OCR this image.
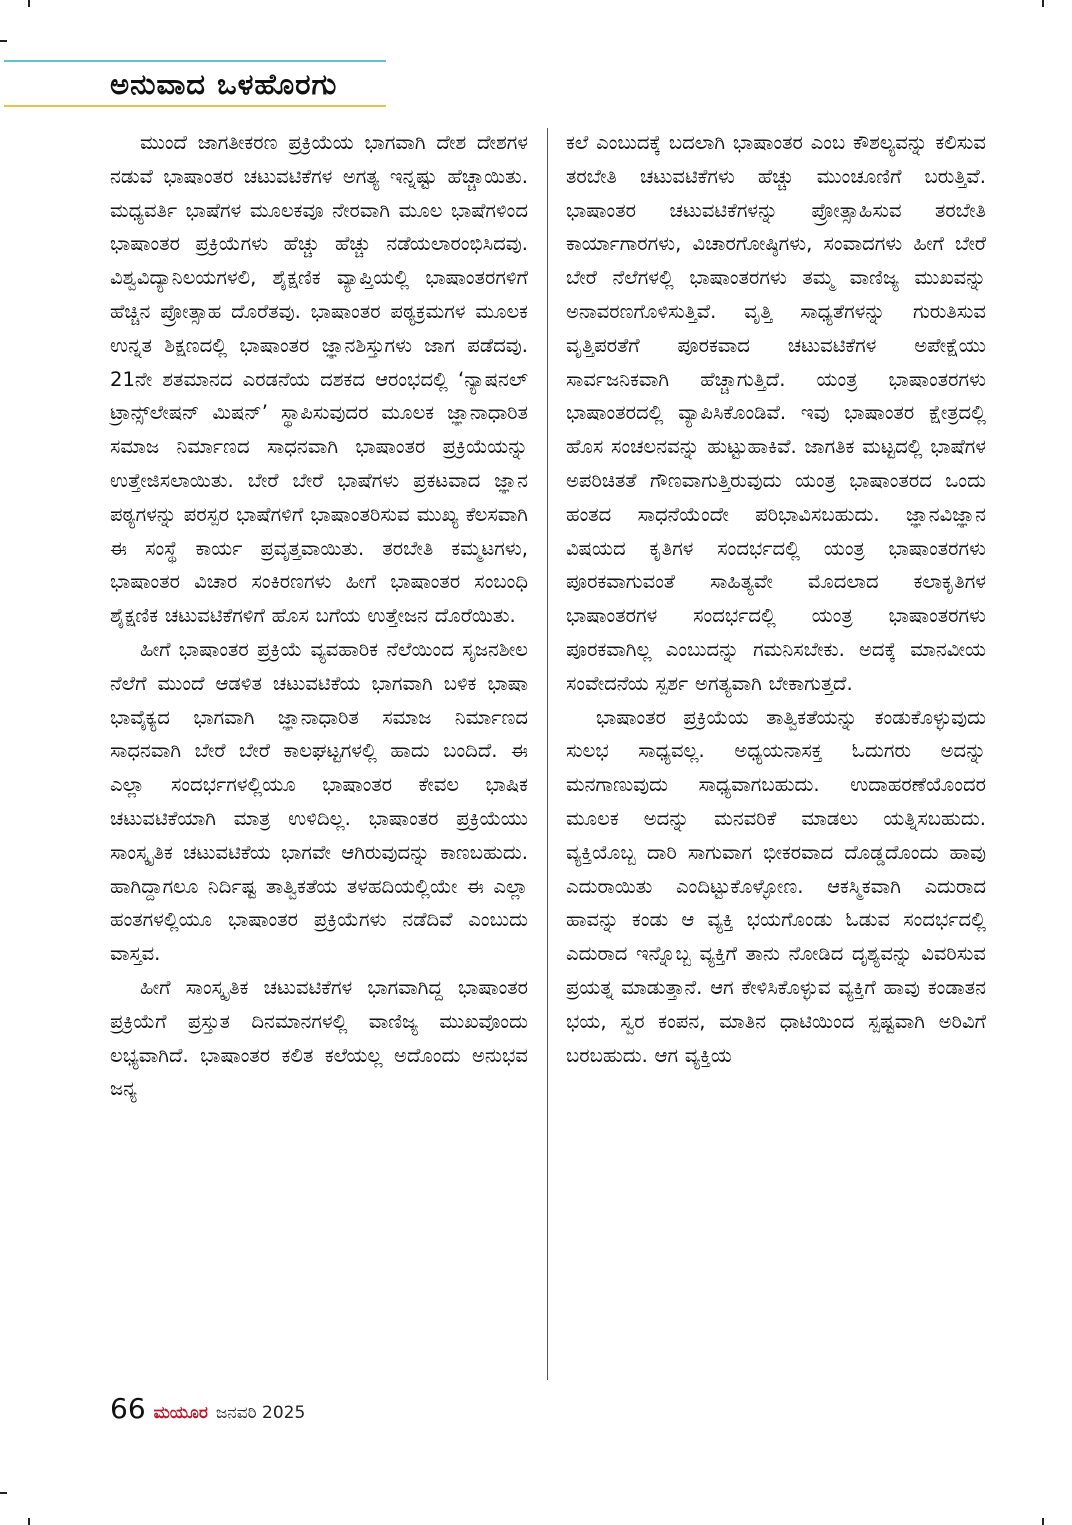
ಅನುವಾದ ಒಳಹೊರಗು

ಮುಂದೆ ಜಾಗತೀಕರಣ ಪ್ರಕ್ರಿಯೆಯ ಭಾಗವಾಗಿ ದೇಶ ದೇಶಗಳ ನಡುವೆ ಭಾಷಾಂತರ ಚಟುವಟಿಕೆಗಳ ಅಗತ್ಯ ಇನ್ನಷ್ಟು ಹೆಚ್ಚಾಯಿತು. ಮಧ್ಯವರ್ತಿ ಭಾಷೆಗಳ ಮೂಲಕವೂ ನೇರವಾಗಿ ಮೂಲ ಭಾಷೆಗಳಿಂದ ಭಾಷಾಂತರ ಪ್ರಕ್ರಿಯೆಗಳು ಹೆಚ್ಚು ಹೆಚ್ಚು ನಡೆಯಲಾರಂಭಿಸಿದವು. ವಿಶ್ವವಿದ್ಯಾನಿಲಯಗಳಲಿ, ಶೈಕ್ಷಣಿಕ ವ್ಯಾಪ್ತಿಯಲ್ಲಿ ಭಾಷಾಂತರಗಳಿಗೆ ಹೆಚ್ಚಿನ ಪ್ರೋತ್ಸಾಹ ದೊರೆತವು. ಭಾಷಾಂತರ ಪಠ್ಯಕ್ರಮಗಳ ಮೂಲಕ ಉನ್ನತ ಶಿಕ್ಷಣದಲ್ಲಿ ಭಾಷಾಂತರ ಜ್ಞಾನಶಿಸ್ತುಗಳು ಜಾಗ ಪಡೆದವು. 21ನೇ ಶತಮಾನದ ಎರಡನೆಯ ದಶಕದ ಆರಂಭದಲ್ಲಿ ‘ನ್ಯಾಷನಲ್ ಟ್ರಾನ್ಸ್‌ಲೇಷನ್ ಮಿಷನ್’ ಸ್ಥಾಪಿಸುವುದರ ಮೂಲಕ ಜ್ಞಾನಾಧಾರಿತ ಸಮಾಜ ನಿರ್ಮಾಣದ ಸಾಧನವಾಗಿ ಭಾಷಾಂತರ ಪ್ರಕ್ರಿಯೆಯನ್ನು ಉತ್ತೇಜಿಸಲಾಯಿತು. ಬೇರೆ ಬೇರೆ ಭಾಷೆಗಳು ಪ್ರಕಟವಾದ ಜ್ಞಾನ ಪಠ್ಯಗಳನ್ನು ಪರಸ್ಪರ ಭಾಷೆಗಳಿಗೆ ಭಾಷಾಂತರಿಸುವ ಮುಖ್ಯ ಕೆಲಸವಾಗಿ ಈ ಸಂಸ್ಥೆ ಕಾರ್ಯ ಪ್ರವೃತ್ತವಾಯಿತು. ತರಬೇತಿ ಕಮ್ಮಟಗಳು, ಭಾಷಾಂತರ ವಿಚಾರ ಸಂಕಿರಣಗಳು ಹೀಗೆ ಭಾಷಾಂತರ ಸಂಬಂಧಿ ಶೈಕ್ಷಣಿಕ ಚಟುವಟಿಕೆಗಳಿಗೆ ಹೊಸ ಬಗೆಯ ಉತ್ತೇಜನ ದೊರೆಯಿತು.

ಹೀಗೆ ಭಾಷಾಂತರ ಪ್ರಕ್ರಿಯೆ ವ್ಯವಹಾರಿಕ ನೆಲೆಯಿಂದ ಸೃಜನಶೀಲ ನೆಲೆಗೆ ಮುಂದೆ ಆಡಳಿತ ಚಟುವಟಿಕೆಯ ಭಾಗವಾಗಿ ಬಳಿಕ ಭಾಷಾ ಭಾವೈಕ್ಯದ ಭಾಗವಾಗಿ ಜ್ಞಾನಾಧಾರಿತ ಸಮಾಜ ನಿರ್ಮಾಣದ ಸಾಧನವಾಗಿ ಬೇರೆ ಬೇರೆ ಕಾಲಘಟ್ಟಗಳಲ್ಲಿ ಹಾದು ಬಂದಿದೆ. ಈ ಎಲ್ಲಾ ಸಂದರ್ಭಗಳಲ್ಲಿಯೂ ಭಾಷಾಂತರ ಕೇವಲ ಭಾಷಿಕ ಚಟುವಟಿಕೆಯಾಗಿ ಮಾತ್ರ ಉಳಿದಿಲ್ಲ. ಭಾಷಾಂತರ ಪ್ರಕ್ರಿಯೆಯು ಸಾಂಸ್ಕೃತಿಕ ಚಟುವಟಿಕೆಯ ಭಾಗವೇ ಆಗಿರುವುದನ್ನು ಕಾಣಬಹುದು. ಹಾಗಿದ್ದಾಗಲೂ ನಿರ್ದಿಷ್ಟ ತಾತ್ವಿಕತೆಯ ತಳಹದಿಯಲ್ಲಿಯೇ ಈ ಎಲ್ಲಾ ಹಂತಗಳಲ್ಲಿಯೂ ಭಾಷಾಂತರ ಪ್ರಕ್ರಿಯೆಗಳು ನಡೆದಿವೆ ಎಂಬುದು ವಾಸ್ತವ.

ಹೀಗೆ ಸಾಂಸ್ಕೃತಿಕ ಚಟುವಟಿಕೆಗಳ ಭಾಗವಾಗಿದ್ದ ಭಾಷಾಂತರ ಪ್ರಕ್ರಿಯೆಗೆ ಪ್ರಸ್ತುತ ದಿನಮಾನಗಳಲ್ಲಿ ವಾಣಿಜ್ಯ ಮುಖವೊಂದು ಲಭ್ಯವಾಗಿದೆ. ಭಾಷಾಂತರ ಕಲಿತ ಕಲೆಯಲ್ಲ ಅದೊಂದು ಅನುಭವ ಜನ್ಯ

ಕಲೆ ಎಂಬುದಕ್ಕೆ ಬದಲಾಗಿ ಭಾಷಾಂತರ ಎಂಬ ಕೌಶಲ್ಯವನ್ನು ಕಲಿಸುವ ತರಬೇತಿ ಚಟುವಟಿಕೆಗಳು ಹೆಚ್ಚು ಮುಂಚೂಣಿಗೆ ಬರುತ್ತಿವೆ. ಭಾಷಾಂತರ ಚಟುವಟಿಕೆಗಳನ್ನು ಪ್ರೋತ್ಸಾಹಿಸುವ ತರಬೇತಿ ಕಾರ್ಯಾಗಾರಗಳು, ವಿಚಾರಗೋಷ್ಠಿಗಳು, ಸಂವಾದಗಳು ಹೀಗೆ ಬೇರೆ ಬೇರೆ ನೆಲೆಗಳಲ್ಲಿ ಭಾಷಾಂತರಗಳು ತಮ್ಮ ವಾಣಿಜ್ಯ ಮುಖವನ್ನು ಅನಾವರಣಗೊಳಿಸುತ್ತಿವೆ. ವೃತ್ತಿ ಸಾಧ್ಯತೆಗಳನ್ನು ಗುರುತಿಸುವ ವೃತ್ತಿಪರತೆಗೆ ಪೂರಕವಾದ ಚಟುವಟಿಕೆಗಳ ಅಪೇಕ್ಷೆಯು ಸಾರ್ವಜನಿಕವಾಗಿ ಹೆಚ್ಚಾಗುತ್ತಿದೆ. ಯಂತ್ರ ಭಾಷಾಂತರಗಳು ಭಾಷಾಂತರದಲ್ಲಿ ವ್ಯಾಪಿಸಿಕೊಂಡಿವೆ. ಇವು ಭಾಷಾಂತರ ಕ್ಷೇತ್ರದಲ್ಲಿ ಹೊಸ ಸಂಚಲನವನ್ನು ಹುಟ್ಟುಹಾಕಿವೆ. ಜಾಗತಿಕ ಮಟ್ಟದಲ್ಲಿ ಭಾಷೆಗಳ ಅಪರಿಚಿತತೆ ಗೌಣವಾಗುತ್ತಿರುವುದು ಯಂತ್ರ ಭಾಷಾಂತರದ ಒಂದು ಹಂತದ ಸಾಧನೆಯೆಂದೇ ಪರಿಭಾವಿಸಬಹುದು. ಜ್ಞಾನವಿಜ್ಞಾನ ವಿಷಯದ ಕೃತಿಗಳ ಸಂದರ್ಭದಲ್ಲಿ ಯಂತ್ರ ಭಾಷಾಂತರಗಳು ಪೂರಕವಾಗುವಂತೆ ಸಾಹಿತ್ಯವೇ ಮೊದಲಾದ ಕಲಾಕೃತಿಗಳ ಭಾಷಾಂತರಗಳ ಸಂದರ್ಭದಲ್ಲಿ ಯಂತ್ರ ಭಾಷಾಂತರಗಳು ಪೂರಕವಾಗಿಲ್ಲ ಎಂಬುದನ್ನು ಗಮನಿಸಬೇಕು. ಅದಕ್ಕೆ ಮಾನವೀಯ ಸಂವೇದನೆಯ ಸ್ಪರ್ಶ ಅಗತ್ಯವಾಗಿ ಬೇಕಾಗುತ್ತದೆ.

ಭಾಷಾಂತರ ಪ್ರಕ್ರಿಯೆಯ ತಾತ್ವಿಕತೆಯನ್ನು ಕಂಡುಕೊಳ್ಳುವುದು ಸುಲಭ ಸಾಧ್ಯವಲ್ಲ. ಅಧ್ಯಯನಾಸಕ್ತ ಓದುಗರು ಅದನ್ನು ಮನಗಾಣುವುದು ಸಾಧ್ಯವಾಗಬಹುದು. ಉದಾಹರಣೆಯೊಂದರ ಮೂಲಕ ಅದನ್ನು ಮನವರಿಕೆ ಮಾಡಲು ಯತ್ನಿಸಬಹುದು. ವ್ಯಕ್ತಿಯೊಬ್ಬ ದಾರಿ ಸಾಗುವಾಗ ಭೀಕರವಾದ ದೊಡ್ಡದೊಂದು ಹಾವು ಎದುರಾಯಿತು ಎಂದಿಟ್ಟುಕೊಳ್ಳೋಣ. ಆಕಸ್ಮಿಕವಾಗಿ ಎದುರಾದ ಹಾವನ್ನು ಕಂಡು ಆ ವ್ಯಕ್ತಿ ಭಯಗೊಂಡು ಓಡುವ ಸಂದರ್ಭದಲ್ಲಿ ಎದುರಾದ ಇನ್ನೊಬ್ಬ ವ್ಯಕ್ತಿಗೆ ತಾನು ನೋಡಿದ ದೃಶ್ಯವನ್ನು ವಿವರಿಸುವ ಪ್ರಯತ್ನ ಮಾಡುತ್ತಾನೆ. ಆಗ ಕೇಳಿಸಿಕೊಳ್ಳುವ ವ್ಯಕ್ತಿಗೆ ಹಾವು ಕಂಡಾತನ ಭಯ, ಸ್ವರ ಕಂಪನ, ಮಾತಿನ ಧಾಟಿಯಿಂದ ಸ್ಪಷ್ಟವಾಗಿ ಅರಿವಿಗೆ ಬರಬಹುದು. ಆಗ ವ್ಯಕ್ತಿಯ

66 ಮಯೂರ ಜನವರಿ 2025
